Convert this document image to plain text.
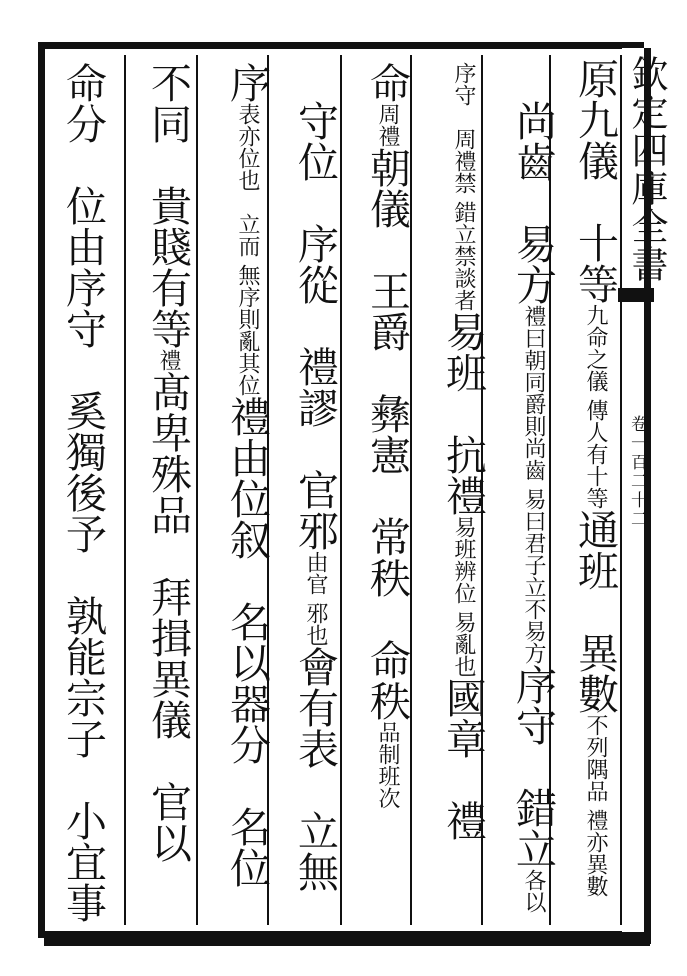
欽定四庫全書
卷一百二十二
原九儀　十等九命之儀 傳人有十等通班　異數不列隅品 禮亦異數
尚齒　易方禮曰朝同爵則尚齒 易曰君子立不易方序守　錯立各以
序守　周禮禁 錯立禁談者易班　抗禮易班辨位 易亂也國章　禮
命周禮朝儀　王爵　彝憲　常秩　命秩品制班次
守位　序從　禮謬　官邪由官 邪也會有表　立無
序表亦位也　立而 無序則亂其位禮由位叙　名以器分　名位
不同　貴賤有等禮髙卑殊品　拜揖異儀　官以
命分　位由序守　奚獨後予　孰能宗子　小宜事
